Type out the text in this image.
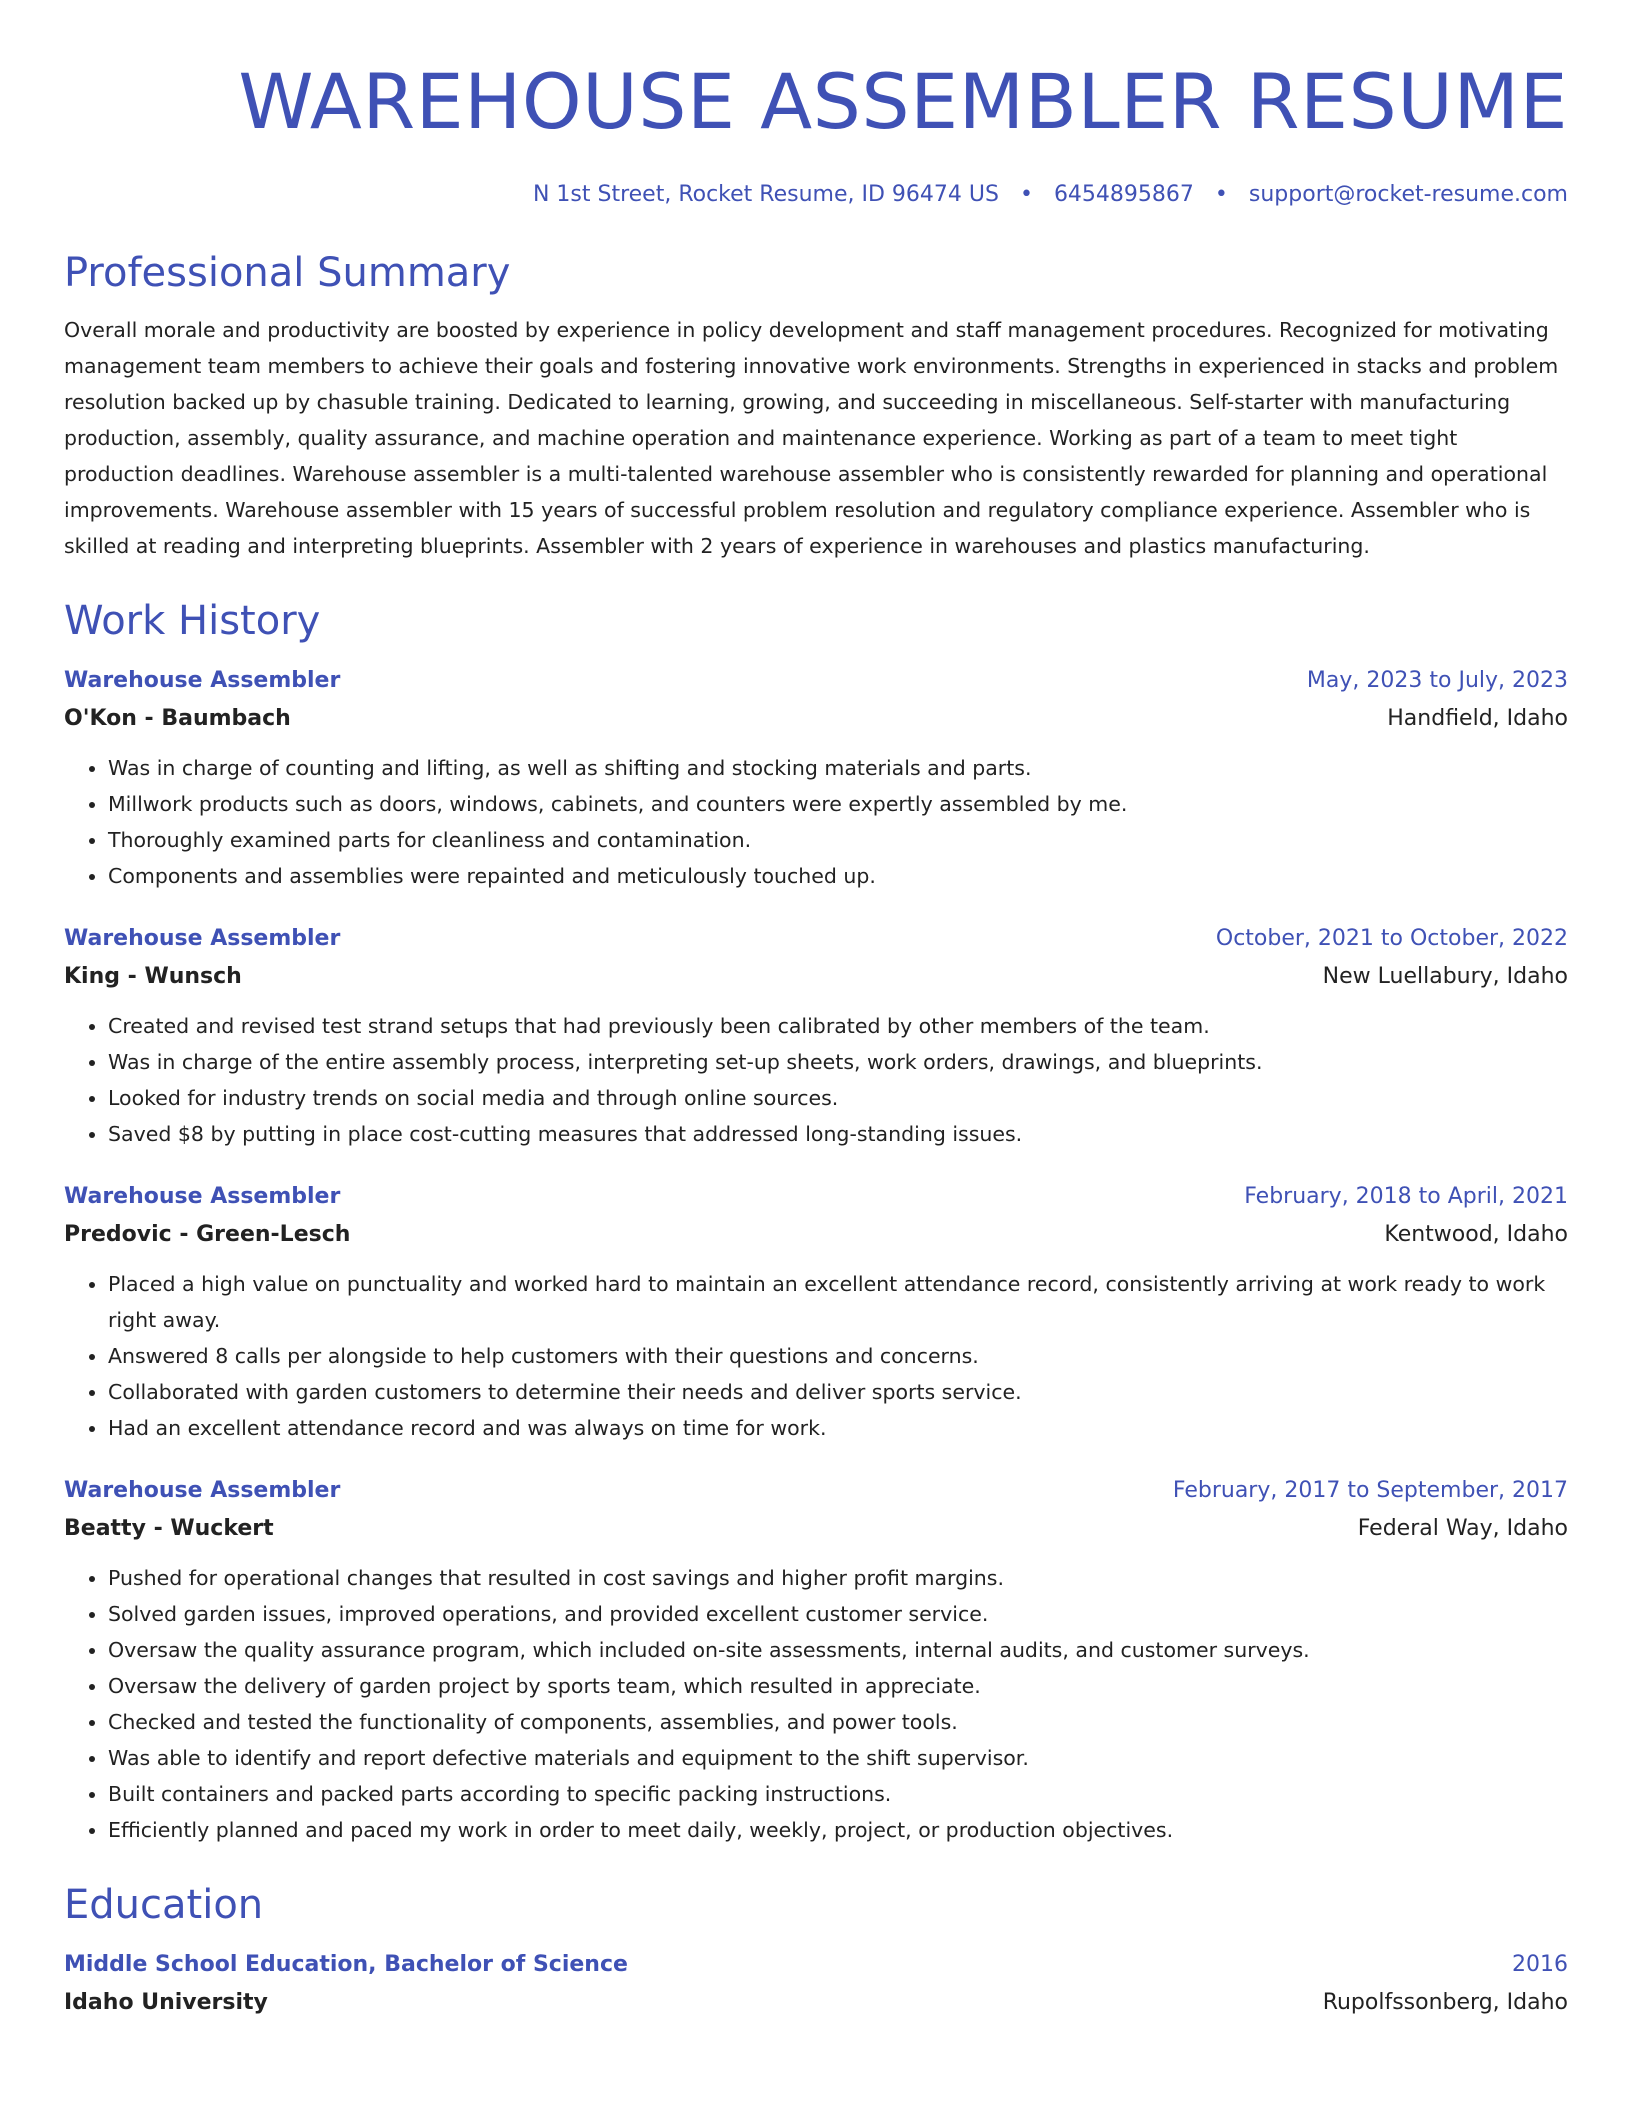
WAREHOUSE ASSEMBLER RESUME
N 1st Street, Rocket Resume, ID 96474 US • 6454895867 • support@rocket-resume.com
Professional Summary
Overall morale and productivity are boosted by experience in policy development and staff management procedures. Recognized for motivating management team members to achieve their goals and fostering innovative work environments. Strengths in experienced in stacks and problem resolution backed up by chasuble training. Dedicated to learning, growing, and succeeding in miscellaneous. Self-starter with manufacturing production, assembly, quality assurance, and machine operation and maintenance experience. Working as part of a team to meet tight production deadlines. Warehouse assembler is a multi-talented warehouse assembler who is consistently rewarded for planning and operational improvements. Warehouse assembler with 15 years of successful problem resolution and regulatory compliance experience. Assembler who is skilled at reading and interpreting blueprints. Assembler with 2 years of experience in warehouses and plastics manufacturing.
Work History
Warehouse Assembler	May, 2023 to July, 2023
O'Kon - Baumbach	Handfield, Idaho
• Was in charge of counting and lifting, as well as shifting and stocking materials and parts.
• Millwork products such as doors, windows, cabinets, and counters were expertly assembled by me.
• Thoroughly examined parts for cleanliness and contamination.
• Components and assemblies were repainted and meticulously touched up.
Warehouse Assembler	October, 2021 to October, 2022
King - Wunsch	New Luellabury, Idaho
• Created and revised test strand setups that had previously been calibrated by other members of the team.
• Was in charge of the entire assembly process, interpreting set-up sheets, work orders, drawings, and blueprints.
• Looked for industry trends on social media and through online sources.
• Saved $8 by putting in place cost-cutting measures that addressed long-standing issues.
Warehouse Assembler	February, 2018 to April, 2021
Predovic - Green-Lesch	Kentwood, Idaho
• Placed a high value on punctuality and worked hard to maintain an excellent attendance record, consistently arriving at work ready to work right away.
• Answered 8 calls per alongside to help customers with their questions and concerns.
• Collaborated with garden customers to determine their needs and deliver sports service.
• Had an excellent attendance record and was always on time for work.
Warehouse Assembler	February, 2017 to September, 2017
Beatty - Wuckert	Federal Way, Idaho
• Pushed for operational changes that resulted in cost savings and higher profit margins.
• Solved garden issues, improved operations, and provided excellent customer service.
• Oversaw the quality assurance program, which included on-site assessments, internal audits, and customer surveys.
• Oversaw the delivery of garden project by sports team, which resulted in appreciate.
• Checked and tested the functionality of components, assemblies, and power tools.
• Was able to identify and report defective materials and equipment to the shift supervisor.
• Built containers and packed parts according to specific packing instructions.
• Efficiently planned and paced my work in order to meet daily, weekly, project, or production objectives.
Education
Middle School Education, Bachelor of Science	2016
Idaho University	Rupolfssonberg, Idaho
